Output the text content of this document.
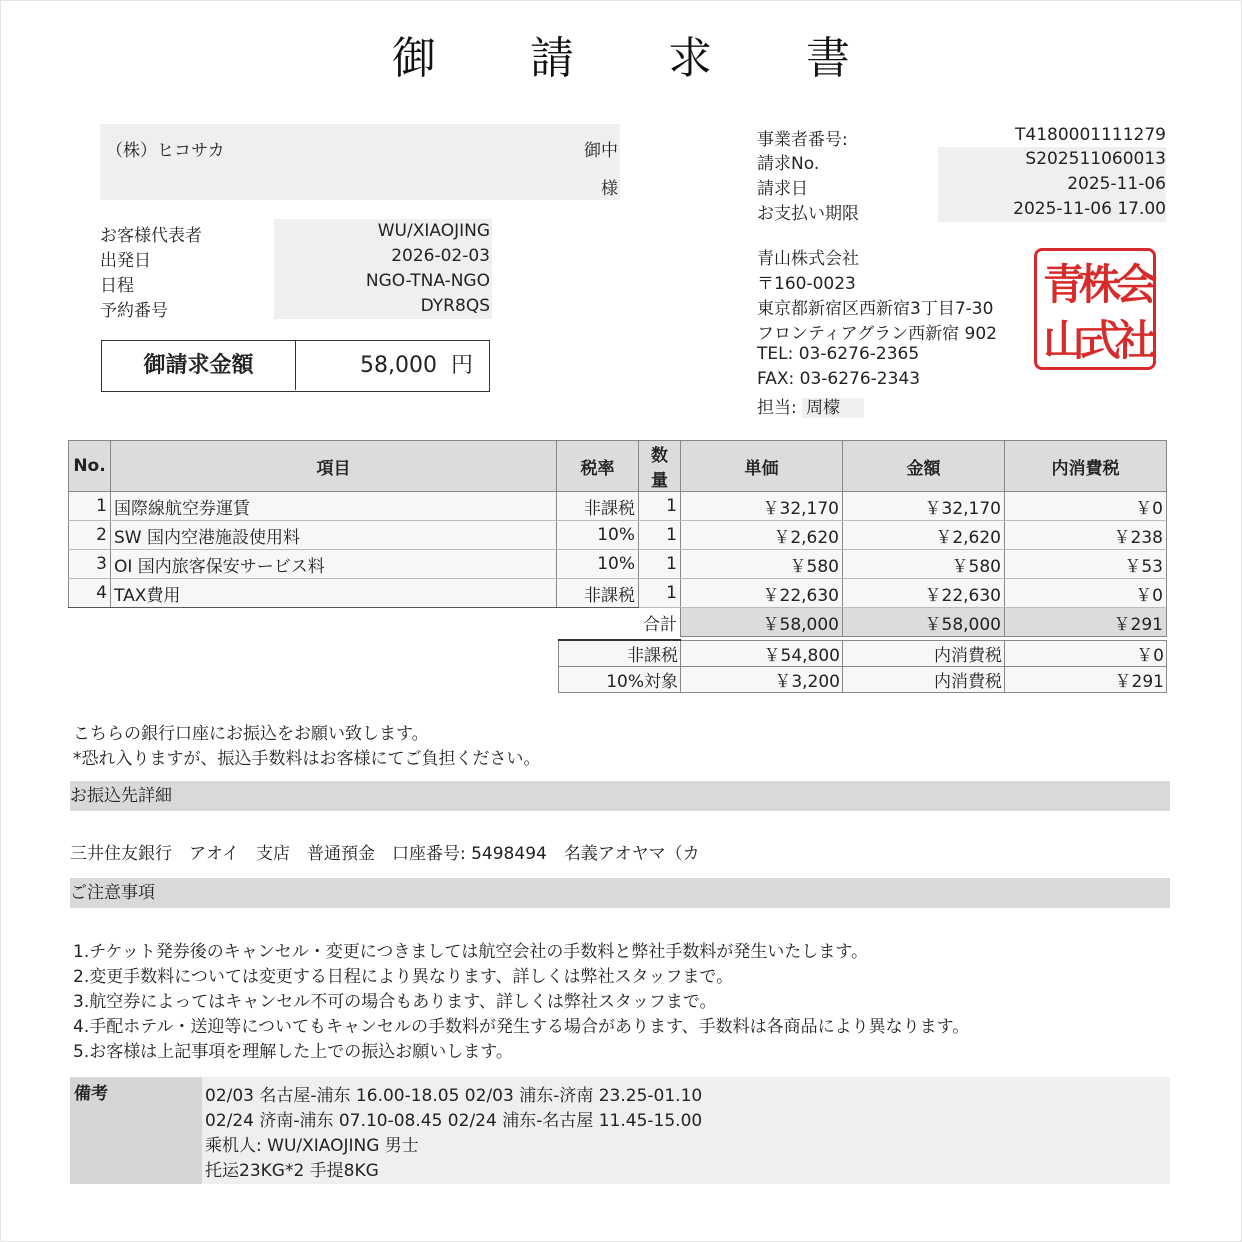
御 請 求 書
（株）ヒコサカ	御中
様
お客様代表者	WU/XIAOJING
出発日	2026-02-03
日程	NGO-TNA-NGO
予約番号	DYR8QS
御請求金額	58,000 円
事業者番号:	T4180001111279
請求No.	S202511060013
請求日	2025-11-06
お支払い期限	2025-11-06 17.00
青山株式会社
〒160-0023
東京都新宿区西新宿3丁目7-30
フロンティアグラン西新宿 902
TEL: 03-6276-2365
FAX: 03-6276-2343
担当: 周檬
青
株
会
山
式
社
No.	項目	税率	数量	単価	金額	内消費税
1	国際線航空券運賃	非課税	1	￥32,170	￥32,170	￥0
2	SW 国内空港施設使用料	10%	1	￥2,620	￥2,620	￥238
3	OI 国内旅客保安サービス料	10%	1	￥580	￥580	￥53
4	TAX費用	非課税	1	￥22,630	￥22,630	￥0
			合計	￥58,000	￥58,000	￥291
非課税	￥54,800	内消費税	￥0
10%対象	￥3,200	内消費税	￥291
こちらの銀行口座にお振込をお願い致します。
*恐れ入りますが、振込手数料はお客様にてご負担ください。
お振込先詳細
三井住友銀行　アオイ　支店　普通預金　口座番号: 5498494　名義アオヤマ（カ
ご注意事項
1.チケット発券後のキャンセル・変更につきましては航空会社の手数料と弊社手数料が発生いたします。
2.変更手数料については変更する日程により異なります、詳しくは弊社スタッフまで。
3.航空券によってはキャンセル不可の場合もあります、詳しくは弊社スタッフまで。
4.手配ホテル・送迎等についてもキャンセルの手数料が発生する場合があります、手数料は各商品により異なります。
5.お客様は上記事項を理解した上での振込お願いします。
備考	02/03 名古屋-浦东 16.00-18.05 02/03 浦东-济南 23.25-01.10
02/24 济南-浦东 07.10-08.45 02/24 浦东-名古屋 11.45-15.00
乘机人: WU/XIAOJING 男士
托运23KG*2 手提8KG
